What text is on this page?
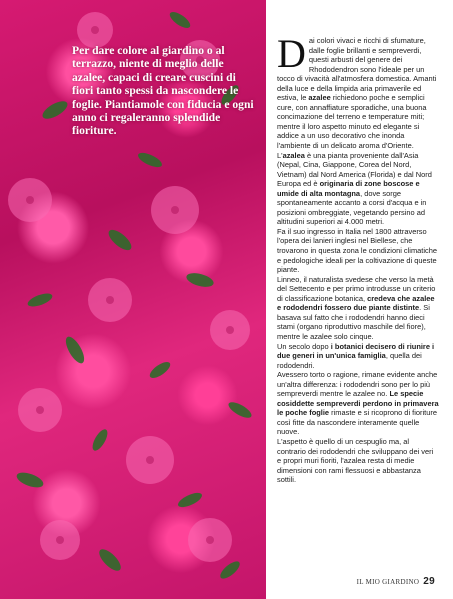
Per dare colore al giardino o al terrazzo, niente di meglio delle azalee, capaci di creare cuscini di fiori tanto spessi da nascondere le foglie. Piantiamole con fiducia e ogni anno ci regaleranno splendide fioriture.

Dai colori vivaci e ricchi di sfumature, dalle foglie brillanti e sempreverdi, questi arbusti del genere dei Rhododendron sono l'ideale per un tocco di vivacità all'atmosfera domestica. Amanti della luce e della limpida aria primaverile ed estiva, le azalee richiedono poche e semplici cure, con annaffiature sporadiche, una buona concimazione del terreno e temperature miti; mentre il loro aspetto minuto ed elegante si addice a un uso decorativo che inonda l'ambiente di un delicato aroma d'Oriente. L'azalea è una pianta proveniente dall'Asia (Nepal, Cina, Giappone, Corea del Nord, Vietnam) dal Nord America (Florida) e dal Nord Europa ed è originaria di zone boscose e umide di alta montagna, dove sorge spontaneamente accanto a corsi d'acqua e in posizioni ombreggiate, vegetando persino ad altitudini superiori ai 4.000 metri.

Fa il suo ingresso in Italia nel 1800 attraverso l'opera dei lanieri inglesi nel Biellese, che trovarono in questa zona le condizioni climatiche e pedologiche ideali per la coltivazione di queste piante.

Linneo, il naturalista svedese che verso la metà del Settecento e per primo introdusse un criterio di classificazione botanica, credeva che azalee e rododendri fossero due piante distinte. Si basava sul fatto che i rododendri hanno dieci stami (organo riproduttivo maschile del fiore), mentre le azalee solo cinque.

Un secolo dopo i botanici decisero di riunire i due generi in un'unica famiglia, quella dei rododendri.

Avessero torto o ragione, rimane evidente anche un'altra differenza: i rododendri sono per lo più sempreverdi mentre le azalee no. Le specie cosiddette sempreverdi perdono in primavera le poche foglie rimaste e si ricoprono di fioriture così fitte da nascondere interamente quelle nuove.

L'aspetto è quello di un cespuglio ma, al contrario dei rododendri che sviluppano dei veri e propri muri fioriti, l'azalea resta di medie dimensioni con rami flessuosi e abbastanza sottili.

IL MIO GIARDINO 29
